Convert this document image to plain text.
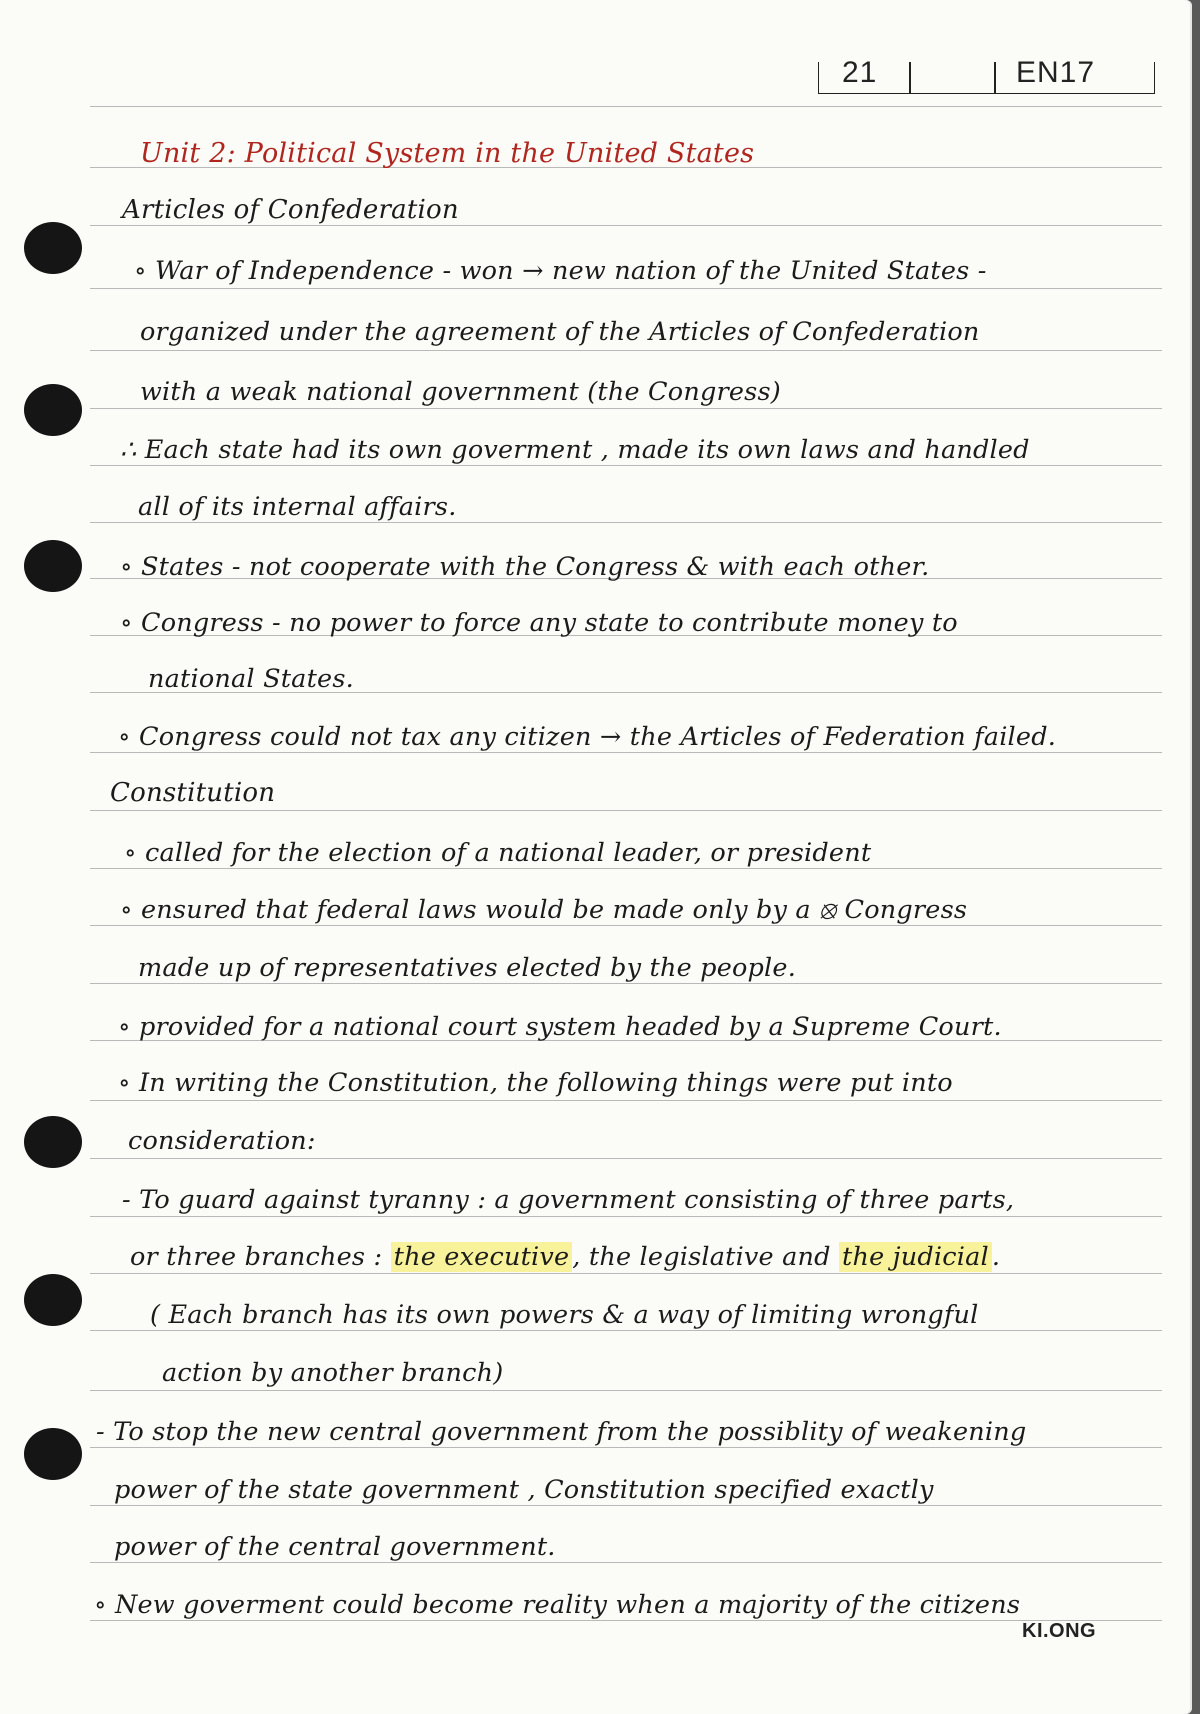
21	EN17
Unit 2: Political System in the United States
Articles of Confederation
∘ War of Independence - won → new nation of the United States -
organized under the agreement of the Articles of Confederation
with a weak national government (the Congress)
∴ Each state had its own goverment , made its own laws and handled
all of its internal affairs.
∘ States - not cooperate with the Congress & with each other.
∘ Congress - no power to force any state to contribute money to
national States.
∘ Congress could not tax any citizen → the Articles of Federation failed.
Constitution
∘ called for the election of a national leader, or president
∘ ensured that federal laws would be made only by a ⦻ Congress
made up of representatives elected by the people.
∘ provided for a national court system headed by a Supreme Court.
∘ In writing the Constitution, the following things were put into
consideration:
- To guard against tyranny : a government consisting of three parts,
or three branches : the executive , the legislative and the judicial .
( Each branch has its own powers & a way of limiting wrongful
action by another branch)
- To stop the new central government from the possiblity of weakening
power of the state government , Constitution specified exactly
power of the central government.
∘ New goverment could become reality when a majority of the citizens
KI.ONG
